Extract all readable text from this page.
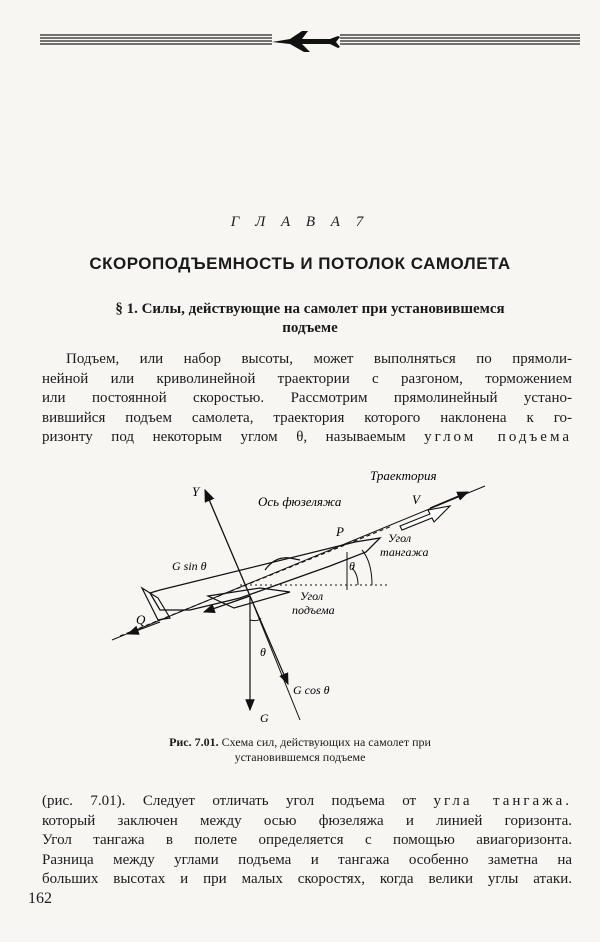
Г Л А В А 7
СКОРОПОДЪЕМНОСТЬ И ПОТОЛОК САМОЛЕТА
§ 1. Силы, действующие на самолет при установившемся
подъеме
Подъем, или набор высоты, может выполняться по прямоли-
нейной или криволинейной траектории с разгоном, торможением
или постоянной скоростью. Рассмотрим прямолинейный устано-
вившийся подъем самолета, траектория которого наклонена к го-
ризонту под некоторым углом θ, называемым углом подъема
Траектория
Ось фюзеляжа	V
Y
P
Q
G
G sin θ
G cos θ
θ
θ
Угол
тангажа
Угол
подъема
Рис. 7.01. Схема сил, действующих на самолет при
установившемся подъеме
(рис. 7.01). Следует отличать угол подъема от угла тангажа.
который заключен между осью фюзеляжа и линией горизонта.
Угол тангажа в полете определяется с помощью авиагоризонта.
Разница между углами подъема и тангажа особенно заметна на
больших высотах и при малых скоростях, когда велики углы атаки.
162
